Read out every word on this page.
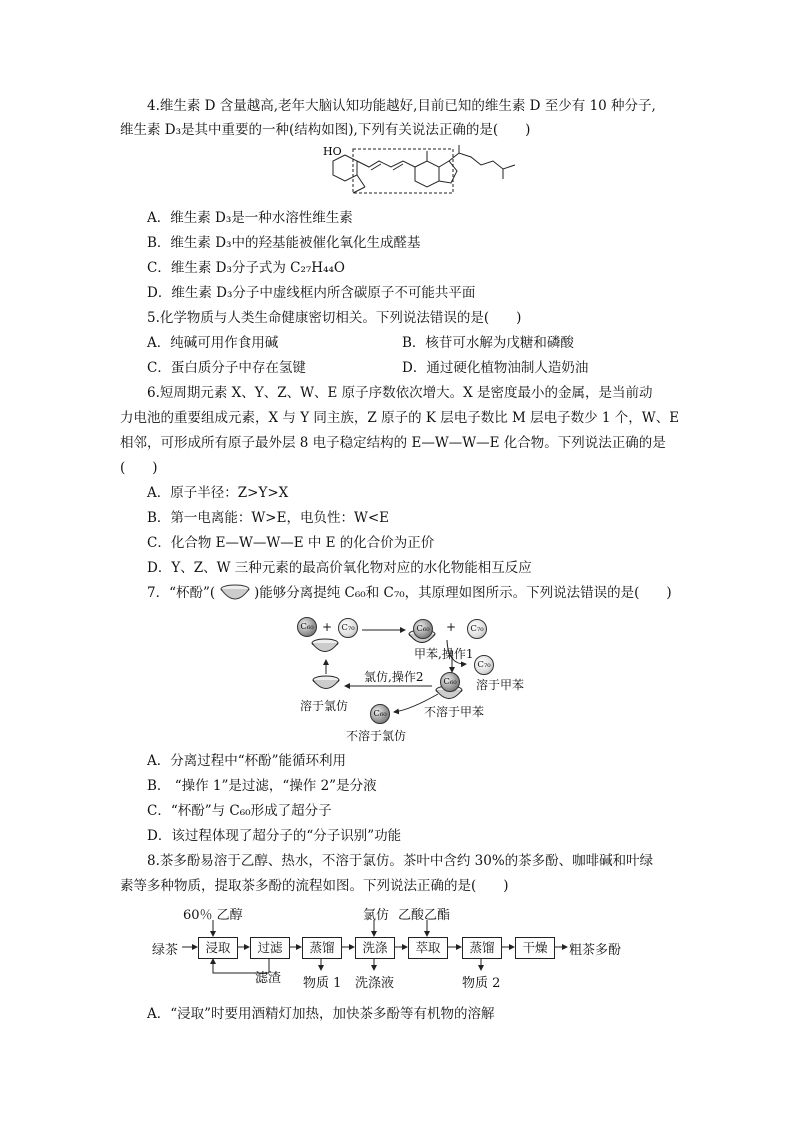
4.维生素 D 含量越高,老年大脑认知功能越好,目前已知的维生素 D 至少有 10 种分子,
维生素 D₃是其中重要的一种(结构如图),下列有关说法正确的是(　　)
HO
A．维生素 D₃是一种水溶性维生素
B．维生素 D₃中的羟基能被催化氧化生成醛基
C．维生素 D₃分子式为 C₂₇H₄₄O
D．维生素 D₃分子中虚线框内所含碳原子不可能共平面
5.化学物质与人类生命健康密切相关。下列说法错误的是(　　)
A．纯碱可用作食用碱	B．核苷可水解为戊糖和磷酸
C．蛋白质分子中存在氢键	D．通过硬化植物油制人造奶油
6.短周期元素 X、Y、Z、W、E 原子序数依次增大。X 是密度最小的金属，是当前动
力电池的重要组成元素，X 与 Y 同主族，Z 原子的 K 层电子数比 M 层电子数少 1 个，W、E
相邻，可形成所有原子最外层 8 电子稳定结构的 E—W—W—E 化合物。下列说法正确的是
(　　)
A．原子半径：Z>Y>X
B．第一电离能：W>E，电负性：W<E
C．化合物 E—W—W—E 中 E 的化合价为正价
D．Y、Z、W 三种元素的最高价氧化物对应的水化物能相互反应
7．“杯酚”(	)能够分离提纯 C₆₀和 C₇₀，其原理如图所示。下列说法错误的是(　　)
C₆₀ +	C₇₀	C₆₀ +	C₇₀
甲苯,操作1
C₇₀
溶于甲苯
氯仿,操作2	C₆₀
不溶于甲苯
溶于氯仿
C₆₀
不溶于氯仿
A．分离过程中“杯酚”能循环利用
B． “操作 1”是过滤，“操作 2”是分液
C．“杯酚”与 C₆₀形成了超分子
D．该过程体现了超分子的“分子识别”功能
8.茶多酚易溶于乙醇、热水，不溶于氯仿。茶叶中含约 30%的茶多酚、咖啡碱和叶绿
素等多种物质，提取茶多酚的流程如图。下列说法正确的是(　　)
60％ 乙醇	氯仿 乙酸乙酯
绿茶	浸取	过滤	蒸馏	洗涤	萃取	蒸馏	干燥	粗茶多酚
滤渣 物质 1 洗涤液	物质 2
A．“浸取”时要用酒精灯加热，加快茶多酚等有机物的溶解
